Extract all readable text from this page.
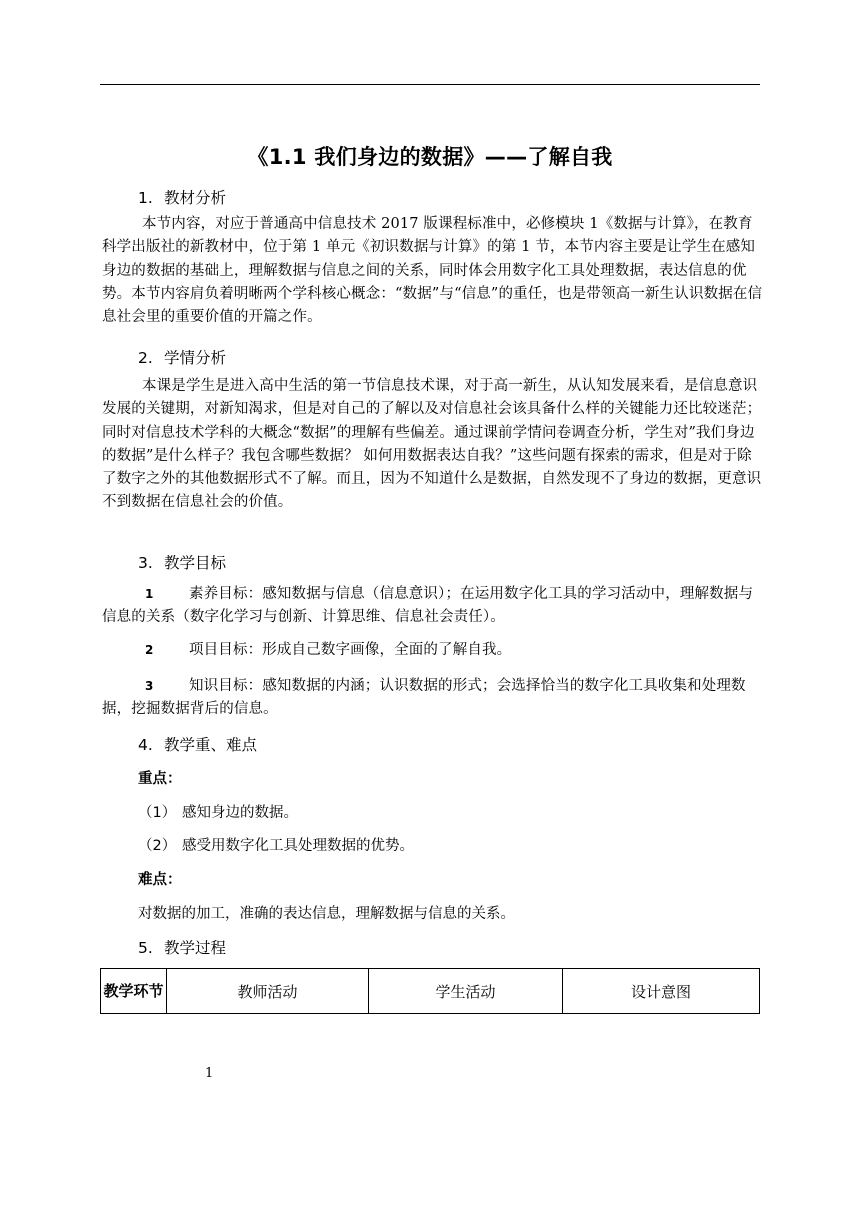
《1.1 我们身边的数据》——了解自我
1. 教材分析
本节内容，对应于普通高中信息技术 2017 版课程标准中，必修模块 1《数据与计算》，在教育科学出版社的新教材中，位于第 1 单元《初识数据与计算》的第 1 节，本节内容主要是让学生在感知身边的数据的基础上，理解数据与信息之间的关系，同时体会用数字化工具处理数据，表达信息的优势。本节内容肩负着明晰两个学科核心概念：“数据”与“信息”的重任，也是带领高一新生认识数据在信息社会里的重要价值的开篇之作。
2. 学情分析
本课是学生是进入高中生活的第一节信息技术课，对于高一新生，从认知发展来看，是信息意识发展的关键期，对新知渴求，但是对自己的了解以及对信息社会该具备什么样的关键能力还比较迷茫；同时对信息技术学科的大概念“数据”的理解有些偏差。通过课前学情问卷调查分析，学生对”我们身边的数据”是什么样子？我包含哪些数据？ 如何用数据表达自我？”这些问题有探索的需求，但是对于除了数字之外的其他数据形式不了解。而且，因为不知道什么是数据，自然发现不了身边的数据，更意识不到数据在信息社会的价值。
3. 教学目标
1 素养目标：感知数据与信息（信息意识）；在运用数字化工具的学习活动中，理解数据与信息的关系（数字化学习与创新、计算思维、信息社会责任）。
2 项目目标：形成自己数字画像，全面的了解自我。
3 知识目标：感知数据的内涵；认识数据的形式；会选择恰当的数字化工具收集和处理数据，挖掘数据背后的信息。
4. 教学重、难点
重点：
（1） 感知身边的数据。
（2） 感受用数字化工具处理数据的优势。
难点：
对数据的加工，准确的表达信息，理解数据与信息的关系。
5. 教学过程
教学环节	教师活动	学生活动	设计意图
1
